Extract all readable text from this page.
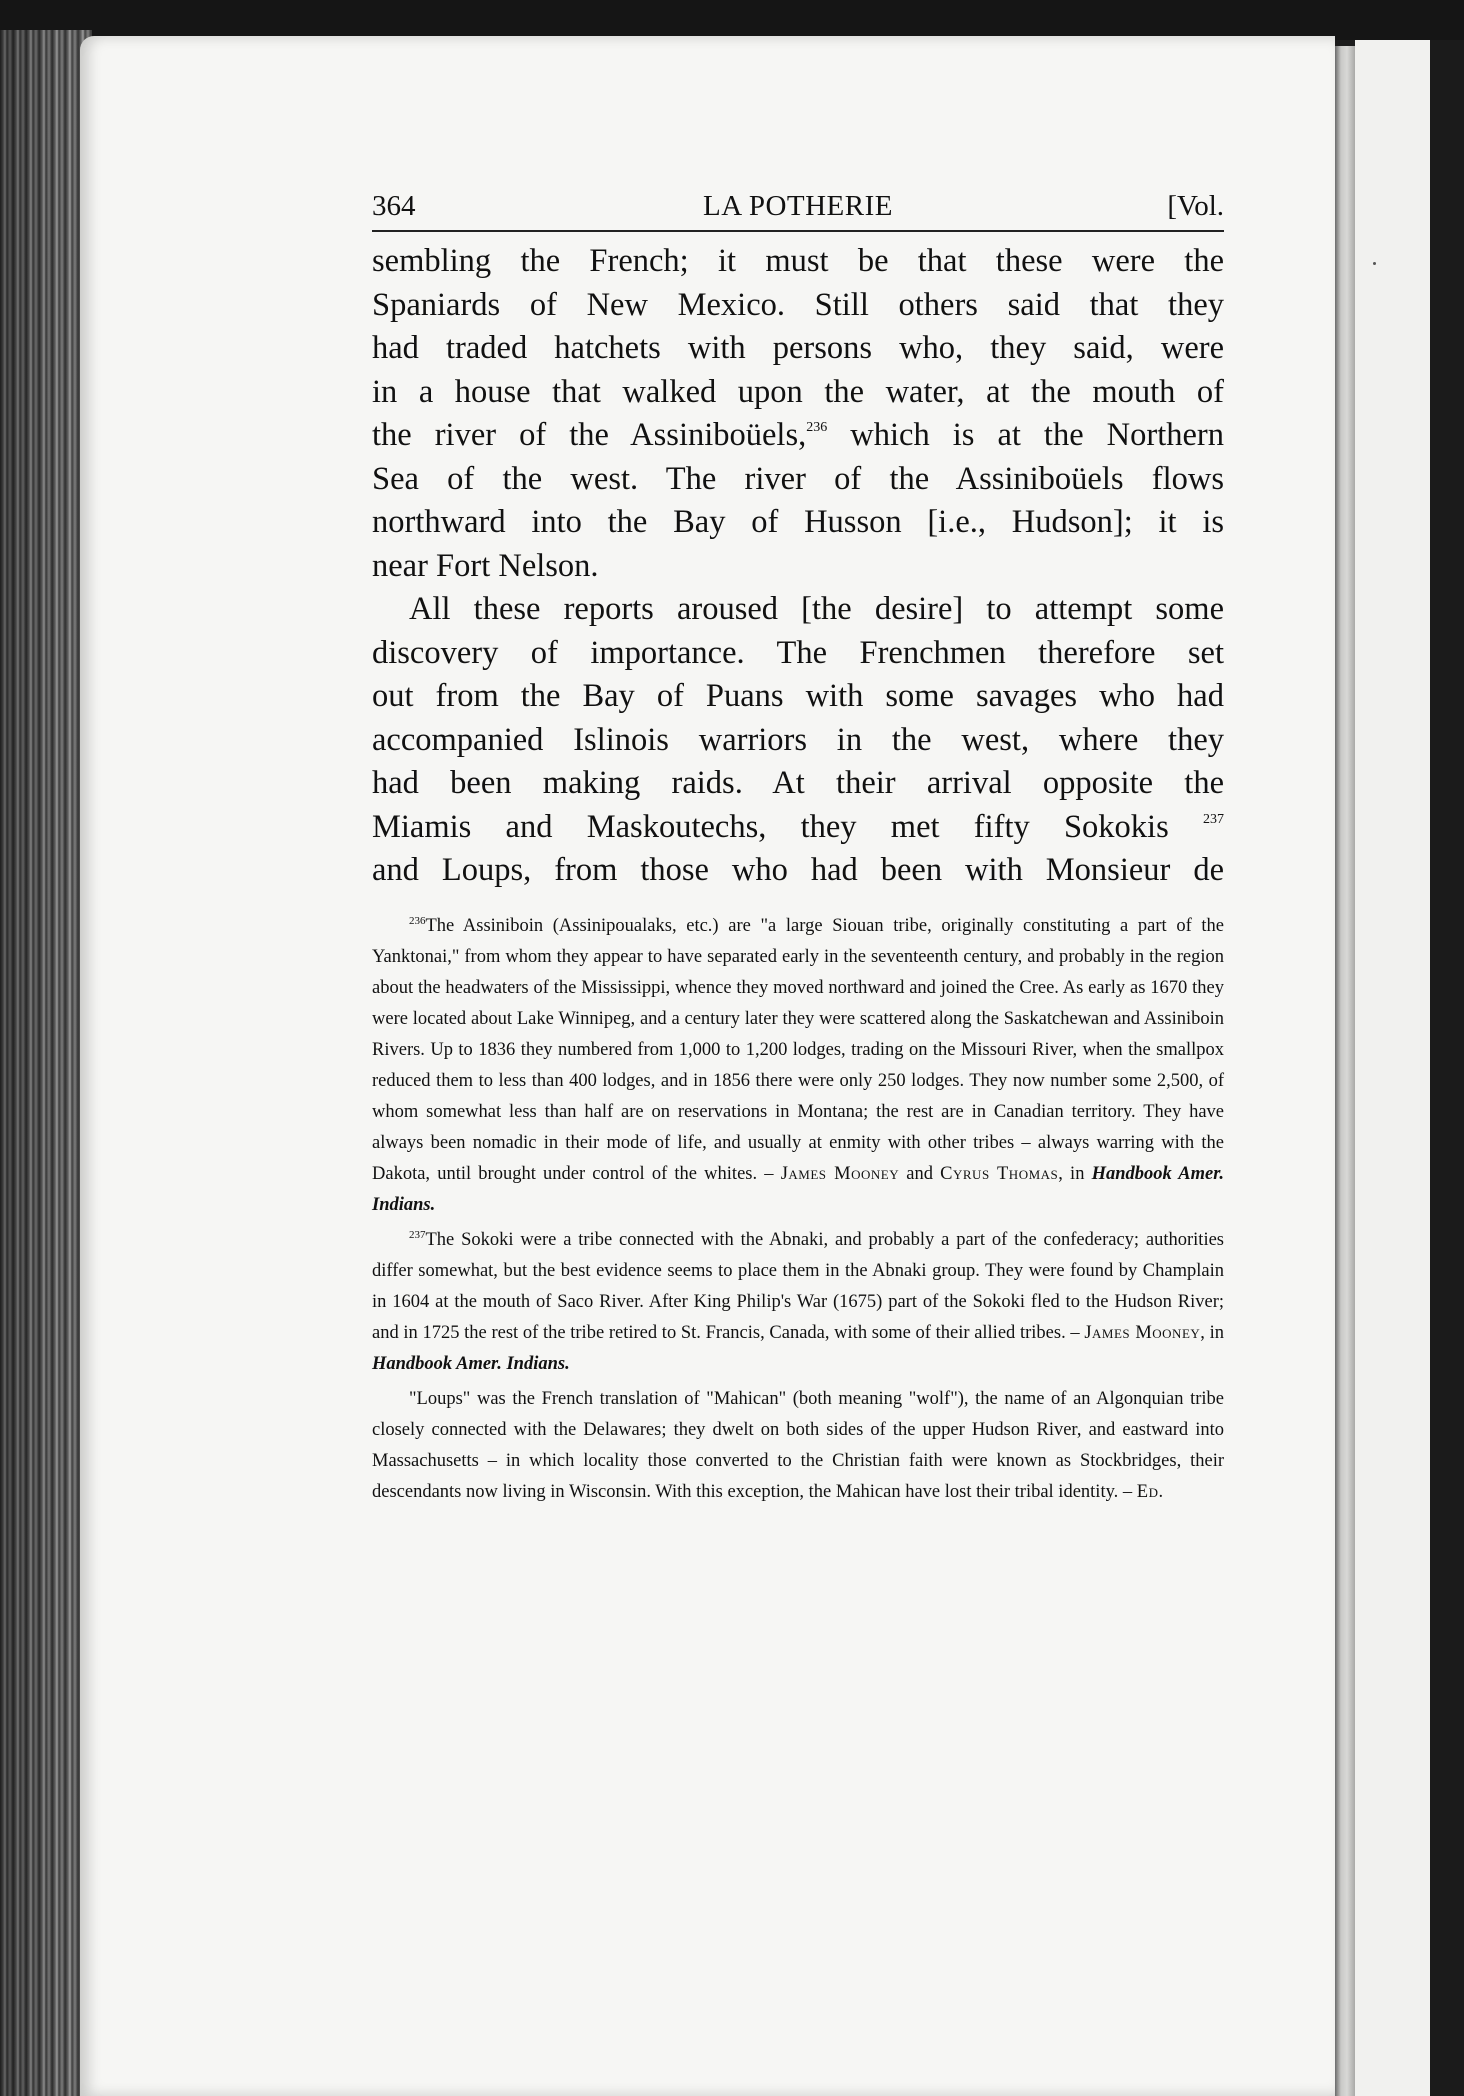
364	LA POTHERIE	[Vol.
sembling the French; it must be that these were the
Spaniards of New Mexico. Still others said that they
had traded hatchets with persons who, they said, were
in a house that walked upon the water, at the mouth of
the river of the Assiniboüels,$^{236}$ which is at the Northern
Sea of the west. The river of the Assiniboüels flows
northward into the Bay of Husson [i.e., Hudson]; it is
near Fort Nelson.
All these reports aroused [the desire] to attempt some
discovery of importance. The Frenchmen therefore set
out from the Bay of Puans with some savages who had
accompanied Islinois warriors in the west, where they
had been making raids. At their arrival opposite the
Miamis and Maskoutechs, they met fifty Sokokis $^{237}$
and Loups, from those who had been with Monsieur de
$^{236}$The Assiniboin (Assinipoualaks, etc.) are "a large Siouan tribe, originally constituting a part of the Yanktonai," from whom they appear to have separated early in the seventeenth century, and probably in the region about the headwaters of the Mississippi, whence they moved northward and joined the Cree. As early as 1670 they were located about Lake Winnipeg, and a century later they were scattered along the Saskatchewan and Assiniboin Rivers. Up to 1836 they numbered from 1,000 to 1,200 lodges, trading on the Missouri River, when the smallpox reduced them to less than 400 lodges, and in 1856 there were only 250 lodges. They now number some 2,500, of whom somewhat less than half are on reservations in Montana; the rest are in Canadian territory. They have always been nomadic in their mode of life, and usually at enmity with other tribes – always warring with the Dakota, until brought under control of the whites. – James Mooney and Cyrus Thomas, in Handbook Amer. Indians.
$^{237}$The Sokoki were a tribe connected with the Abnaki, and probably a part of the confederacy; authorities differ somewhat, but the best evidence seems to place them in the Abnaki group. They were found by Champlain in 1604 at the mouth of Saco River. After King Philip's War (1675) part of the Sokoki fled to the Hudson River; and in 1725 the rest of the tribe retired to St. Francis, Canada, with some of their allied tribes. – James Mooney, in Handbook Amer. Indians.
"Loups" was the French translation of "Mahican" (both meaning "wolf"), the name of an Algonquian tribe closely connected with the Delawares; they dwelt on both sides of the upper Hudson River, and eastward into Massachusetts – in which locality those converted to the Christian faith were known as Stockbridges, their descendants now living in Wisconsin. With this exception, the Mahican have lost their tribal identity. – Ed.
